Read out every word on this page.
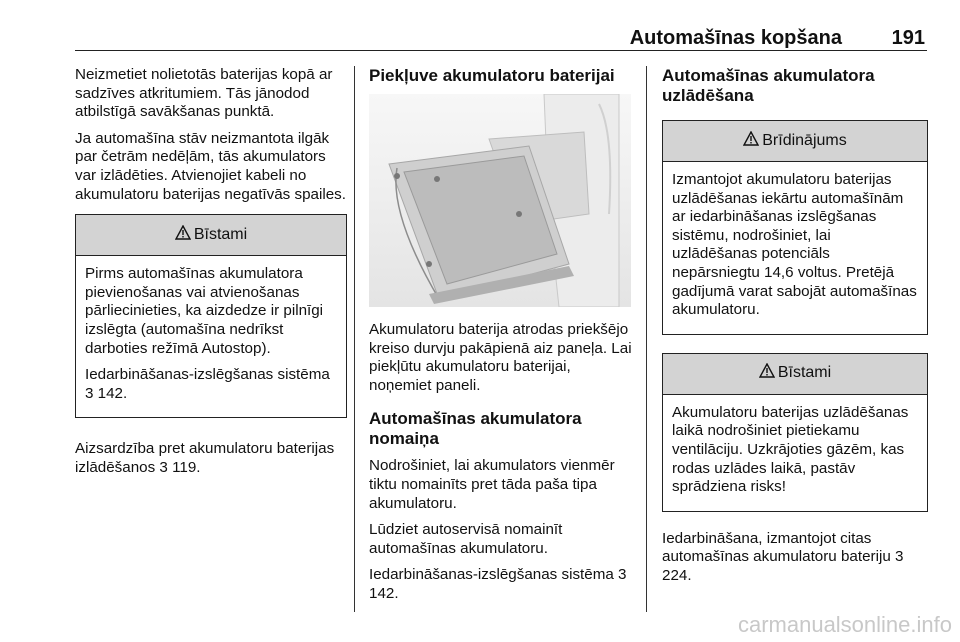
Automašīnas kopšana 191

Neizmetiet nolietotās baterijas kopā ar sadzīves atkritumiem. Tās jānodod atbilstīgā savākšanas punktā.

Ja automašīna stāv neizmantota ilgāk par četrām nedēļām, tās akumulators var izlādēties. Atvienojiet kabeli no akumulatoru baterijas negatīvās spailes.

Bīstami

Pirms automašīnas akumulatora pievienošanas vai atvienošanas pārliecinieties, ka aizdedze ir pilnīgi izslēgta (automašīna nedrīkst darboties režīmā Autostop).

Iedarbināšanas-izslēgšanas sistēma 3 142.

Aizsardzība pret akumulatoru baterijas izlādēšanos 3 119.

Piekļuve akumulatoru baterijai

Akumulatoru baterija atrodas priekšējo kreiso durvju pakāpienā aiz paneļa. Lai piekļūtu akumulatoru baterijai, noņemiet paneli.

Automašīnas akumulatora nomaiņa

Nodrošiniet, lai akumulators vienmēr tiktu nomainīts pret tāda paša tipa akumulatoru.

Lūdziet autoservisā nomainīt automašīnas akumulatoru.

Iedarbināšanas-izslēgšanas sistēma 3 142.

Automašīnas akumulatora uzlādēšana
Brīdinājums

Izmantojot akumulatoru baterijas uzlādēšanas iekārtu automašīnām ar iedarbināšanas izslēgšanas sistēmu, nodrošiniet, lai uzlādēšanas potenciāls nepārsniegtu 14,6 voltus. Pretējā gadījumā varat sabojāt automašīnas akumulatoru.

Bīstami

Akumulatoru baterijas uzlādēšanas laikā nodrošiniet pietiekamu ventilāciju. Uzkrājoties gāzēm, kas rodas uzlādes laikā, pastāv sprādziena risks!

Iedarbināšana, izmantojot citas automašīnas akumulatoru bateriju 3 224.

carmanualsonline.info
